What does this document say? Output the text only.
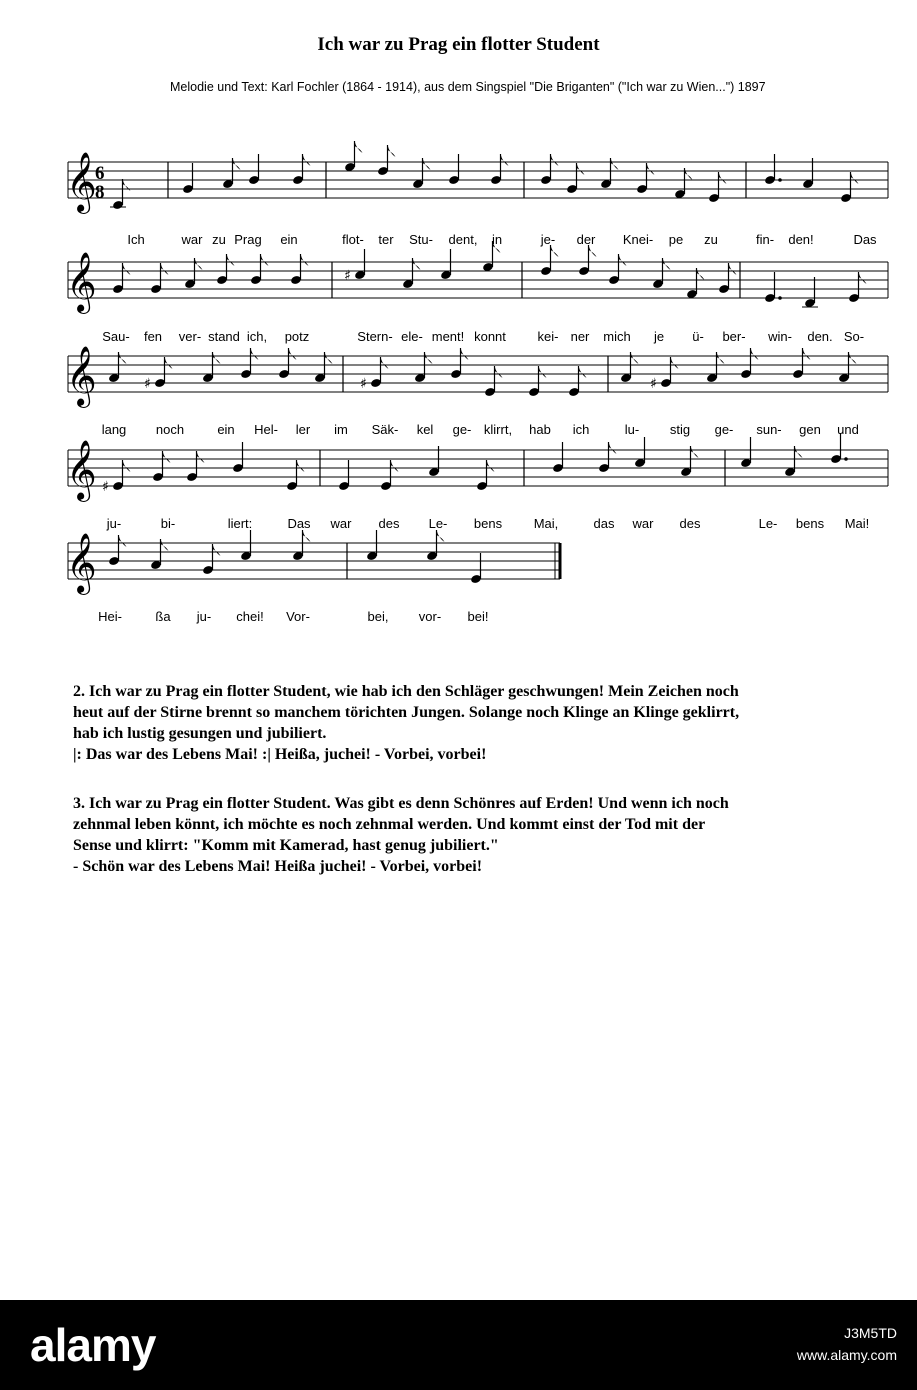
Ich war zu Prag ein flotter Student
Melodie und Text: Karl Fochler (1864 - 1914), aus dem Singspiel "Die Briganten" ("Ich war zu Wien...") 1897
𝄞
6
8
Ich	war zu Prag ein	flot- ter Stu- dent, in	je- der Knei- pe zu	fin- den!	Das
𝄞	♯
Sau- fen ver- stand ich, potz	Stern- ele- ment! konnt kei- ner mich je ü- ber- win- den. So-
𝄞	♯	♯	♯
lang noch	ein Hel- ler im Säk- kel ge- klirrt, hab ich	lu- stig ge- sun- gen und
𝄞 ♯
ju-	bi-	liert:	Das war des Le- bens Mai,	das war des	Le- bens Mai!
𝄞
Hei-	ßa ju- chei! Vor-	bei, vor- bei!
2. Ich war zu Prag ein flotter Student, wie hab ich den Schläger geschwungen! Mein Zeichen noch
heut auf der Stirne brennt so manchem törichten Jungen. Solange noch Klinge an Klinge geklirrt,
hab ich lustig gesungen und jubiliert.
|: Das war des Lebens Mai! :| Heißa, juchei! - Vorbei, vorbei!
3. Ich war zu Prag ein flotter Student. Was gibt es denn Schönres auf Erden! Und wenn ich noch
zehnmal leben könnt, ich möchte es noch zehnmal werden. Und kommt einst der Tod mit der
Sense und klirrt: "Komm mit Kamerad, hast genug jubiliert."
- Schön war des Lebens Mai! Heißa juchei! - Vorbei, vorbei!
alamy	J3M5TD
www.alamy.com
